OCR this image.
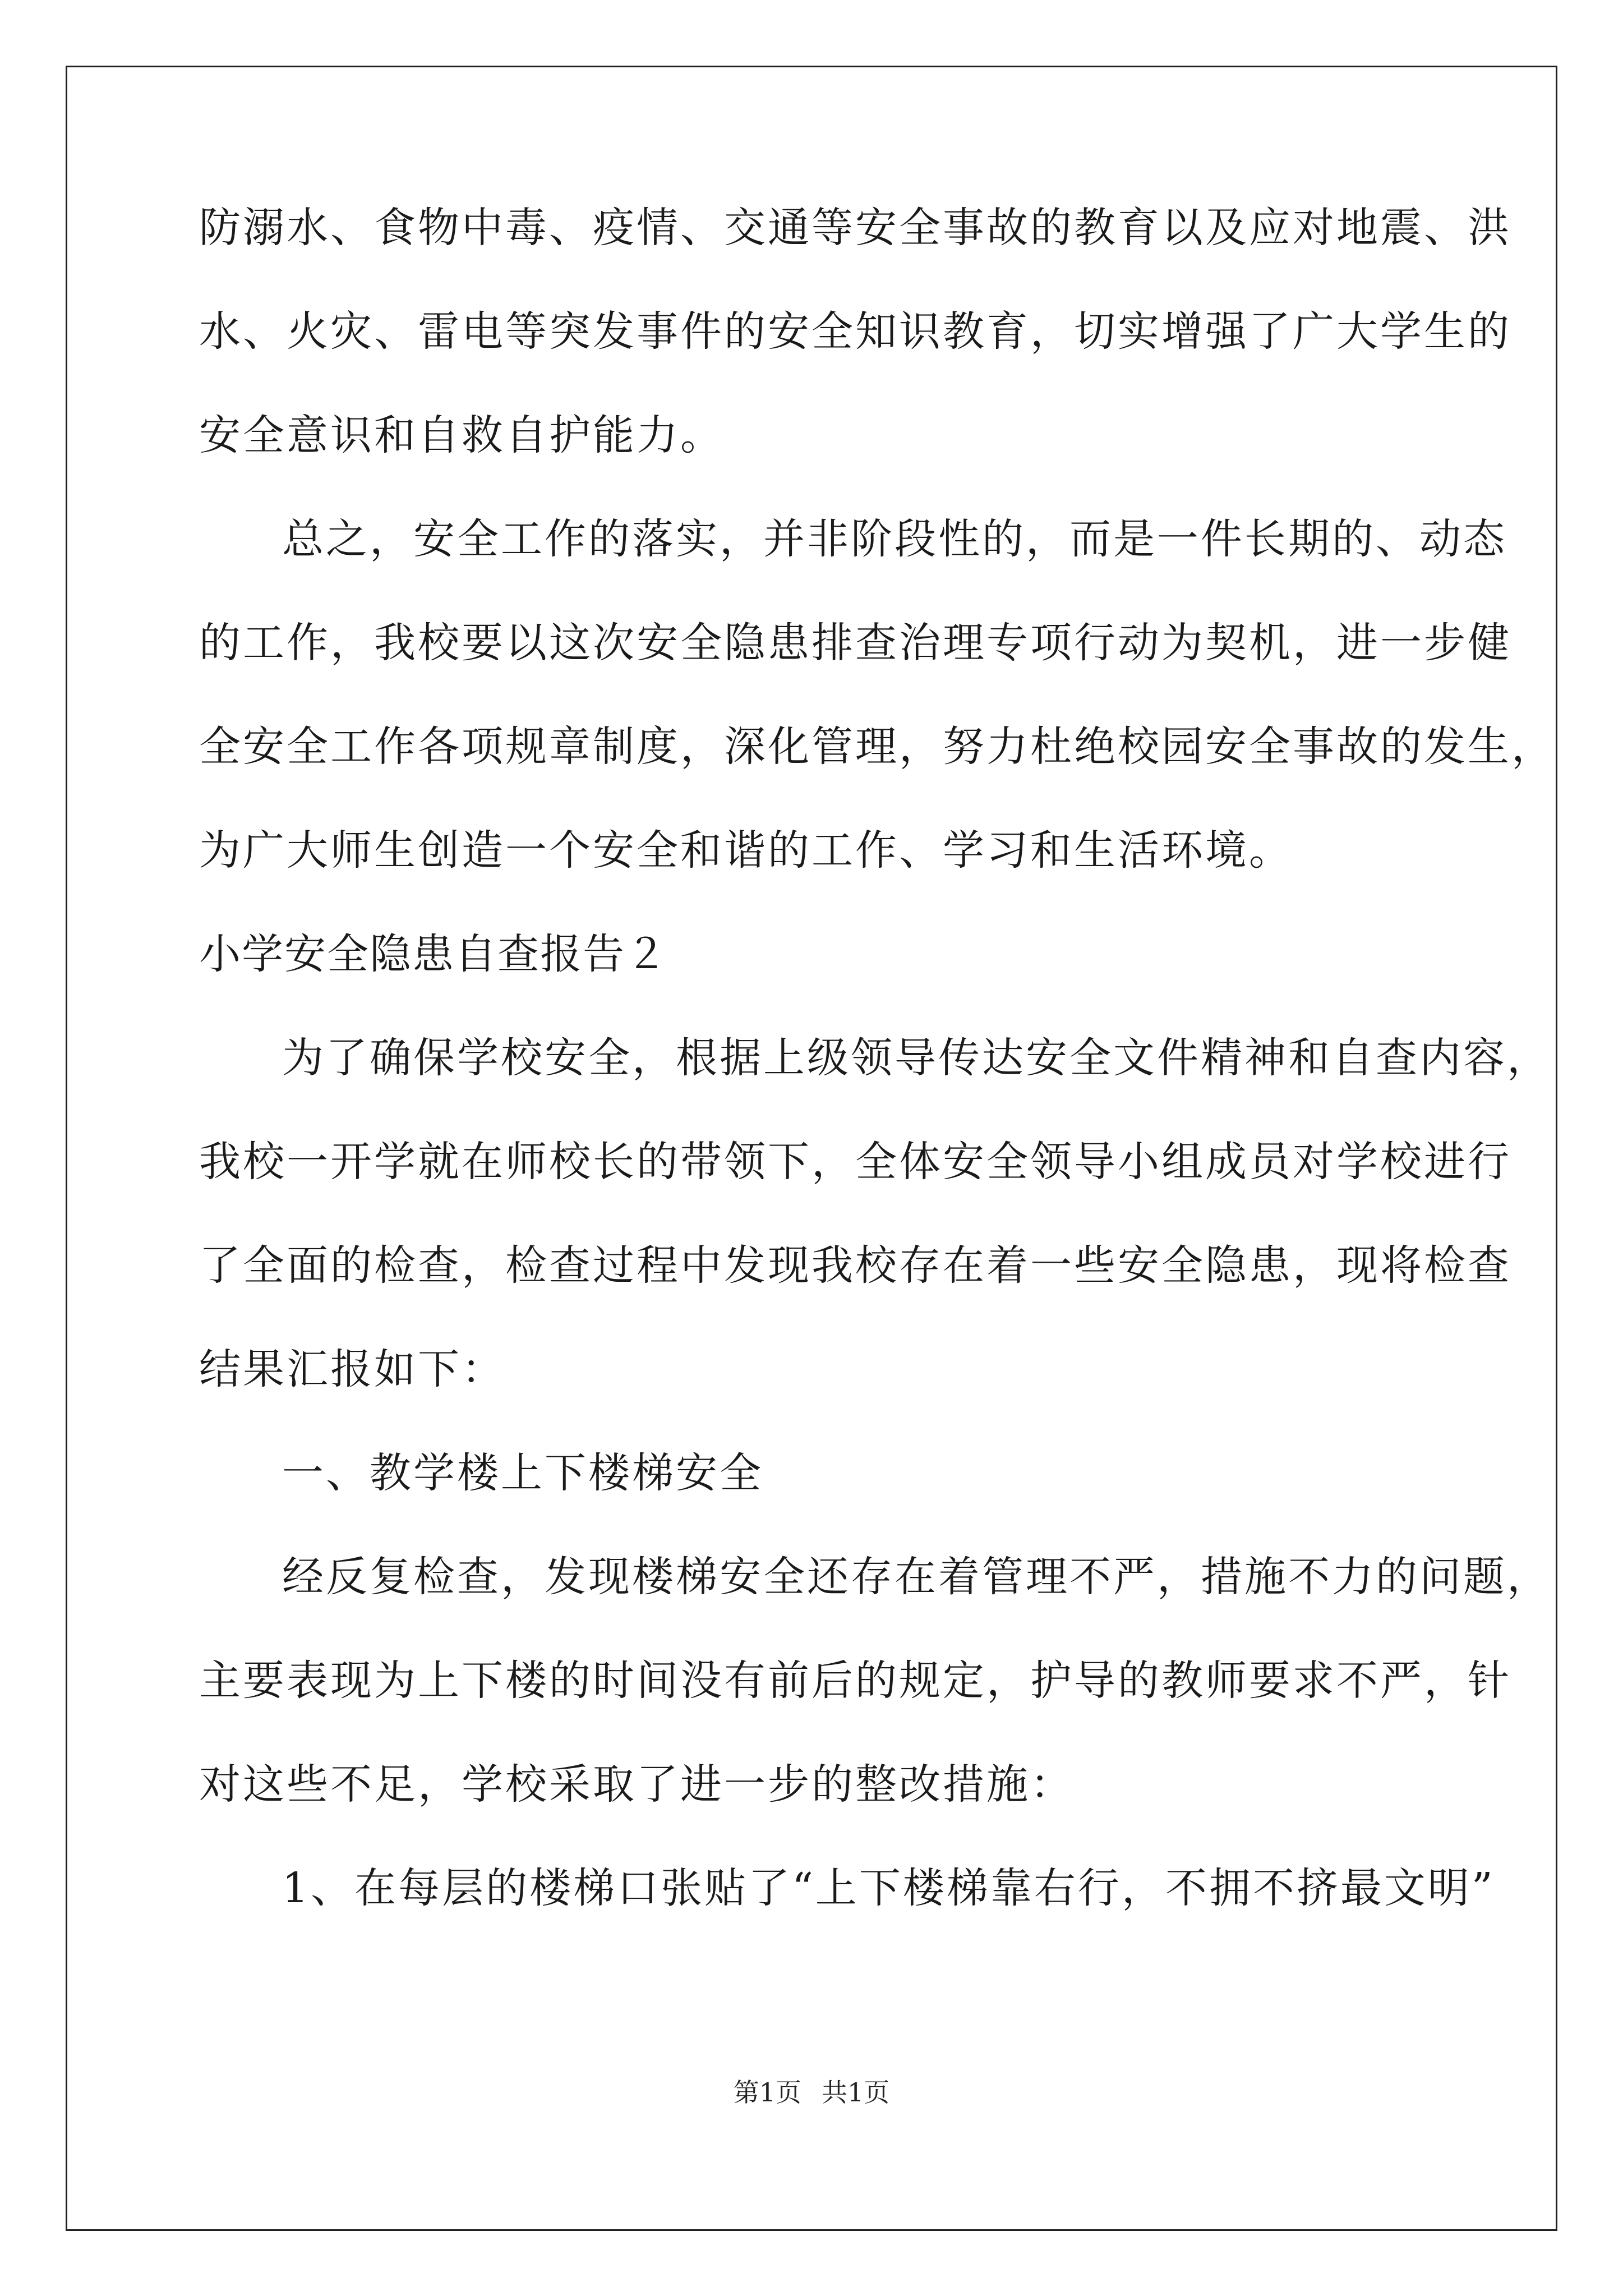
防溺水、食物中毒、疫情、交通等安全事故的教育以及应对地震、洪
水、火灾、雷电等突发事件的安全知识教育，切实增强了广大学生的
安全意识和自救自护能力。
总之，安全工作的落实，并非阶段性的，而是一件长期的、动态
的工作，我校要以这次安全隐患排查治理专项行动为契机，进一步健
全安全工作各项规章制度，深化管理，努力杜绝校园安全事故的发生，
为广大师生创造一个安全和谐的工作、学习和生活环境。
小学安全隐患自查报告２
为了确保学校安全，根据上级领导传达安全文件精神和自查内容，
我校一开学就在师校长的带领下，全体安全领导小组成员对学校进行
了全面的检查，检查过程中发现我校存在着一些安全隐患，现将检查
结果汇报如下：
一、教学楼上下楼梯安全
经反复检查，发现楼梯安全还存在着管理不严，措施不力的问题，
主要表现为上下楼的时间没有前后的规定，护导的教师要求不严，针
对这些不足，学校采取了进一步的整改措施：
1、在每层的楼梯口张贴了“上下楼梯靠右行，不拥不挤最文明”
第1页 共1页
